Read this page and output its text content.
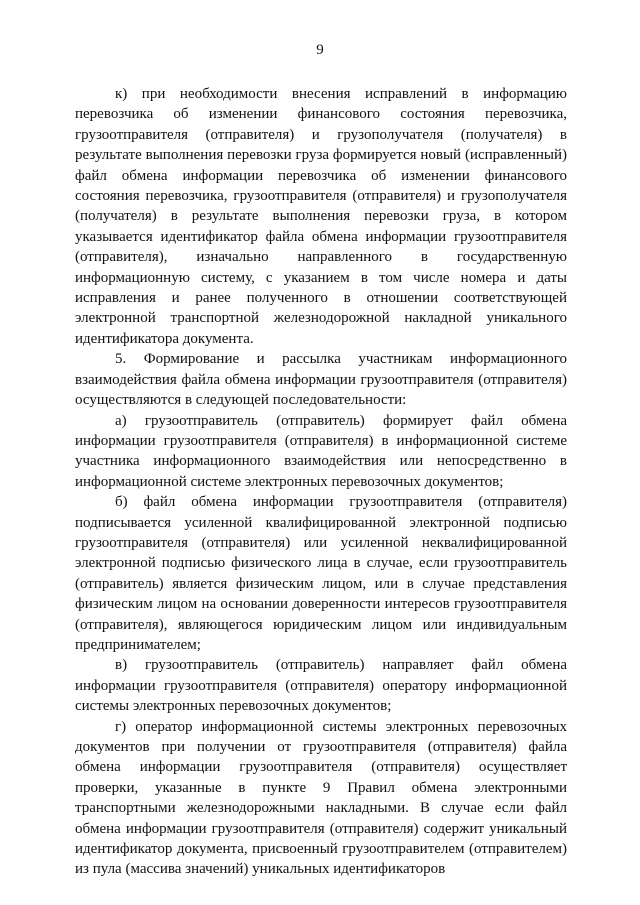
9

к) при необходимости внесения исправлений в информацию перевозчика об изменении финансового состояния перевозчика, грузоотправителя (отправителя) и грузополучателя (получателя) в результате выполнения перевозки груза формируется новый (исправленный) файл обмена информации перевозчика об изменении финансового состояния перевозчика, грузоотправителя (отправителя) и грузополучателя (получателя) в результате выполнения перевозки груза, в котором указывается идентификатор файла обмена информации грузоотправителя (отправителя), изначально направленного в государственную информационную систему, с указанием в том числе номера и даты исправления и ранее полученного в отношении соответствующей электронной транспортной железнодорожной накладной уникального идентификатора документа.

5. Формирование и рассылка участникам информационного взаимодействия файла обмена информации грузоотправителя (отправителя) осуществляются в следующей последовательности:

а) грузоотправитель (отправитель) формирует файл обмена информации грузоотправителя (отправителя) в информационной системе участника информационного взаимодействия или непосредственно в информационной системе электронных перевозочных документов;

б) файл обмена информации грузоотправителя (отправителя) подписывается усиленной квалифицированной электронной подписью грузоотправителя (отправителя) или усиленной неквалифицированной электронной подписью физического лица в случае, если грузоотправитель (отправитель) является физическим лицом, или в случае представления физическим лицом на основании доверенности интересов грузоотправителя (отправителя), являющегося юридическим лицом или индивидуальным предпринимателем;

в) грузоотправитель (отправитель) направляет файл обмена информации грузоотправителя (отправителя) оператору информационной системы электронных перевозочных документов;

г) оператор информационной системы электронных перевозочных документов при получении от грузоотправителя (отправителя) файла обмена информации грузоотправителя (отправителя) осуществляет проверки, указанные в пункте 9 Правил обмена электронными транспортными железнодорожными накладными. В случае если файл обмена информации грузоотправителя (отправителя) содержит уникальный идентификатор документа, присвоенный грузоотправителем (отправителем) из пула (массива значений) уникальных идентификаторов
